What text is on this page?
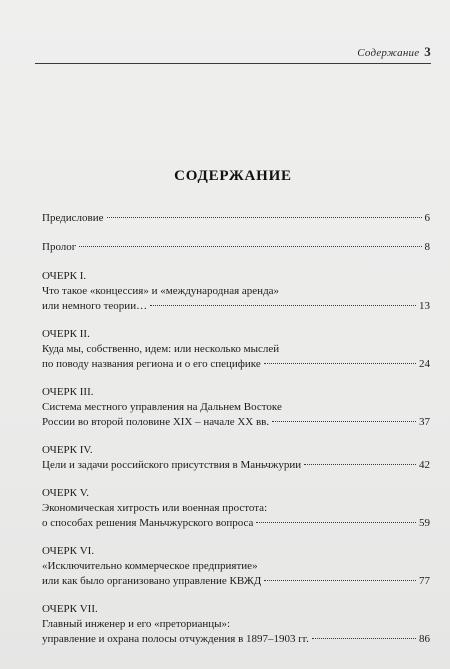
Содержание 3
СОДЕРЖАНИЕ
Предисловие	6
Пролог	8
ОЧЕРК I.
Что такое «концессия» и «международная аренда»
или немного теории…	13
ОЧЕРК II.
Куда мы, собственно, идем: или несколько мыслей
по поводу названия региона и о его специфике	24
ОЧЕРК III.
Система местного управления на Дальнем Востоке
России во второй половине XIX – начале XX вв.	37
ОЧЕРК IV.
Цели и задачи российского присутствия в Маньчжурии	42
ОЧЕРК V.
Экономическая хитрость или военная простота:
о способах решения Маньчжурского вопроса	59
ОЧЕРК VI.
«Исключительно коммерческое предприятие»
или как было организовано управление КВЖД	77
ОЧЕРК VII.
Главный инженер и его «преторианцы»:
управление и охрана полосы отчуждения в 1897–1903 гг.	86
